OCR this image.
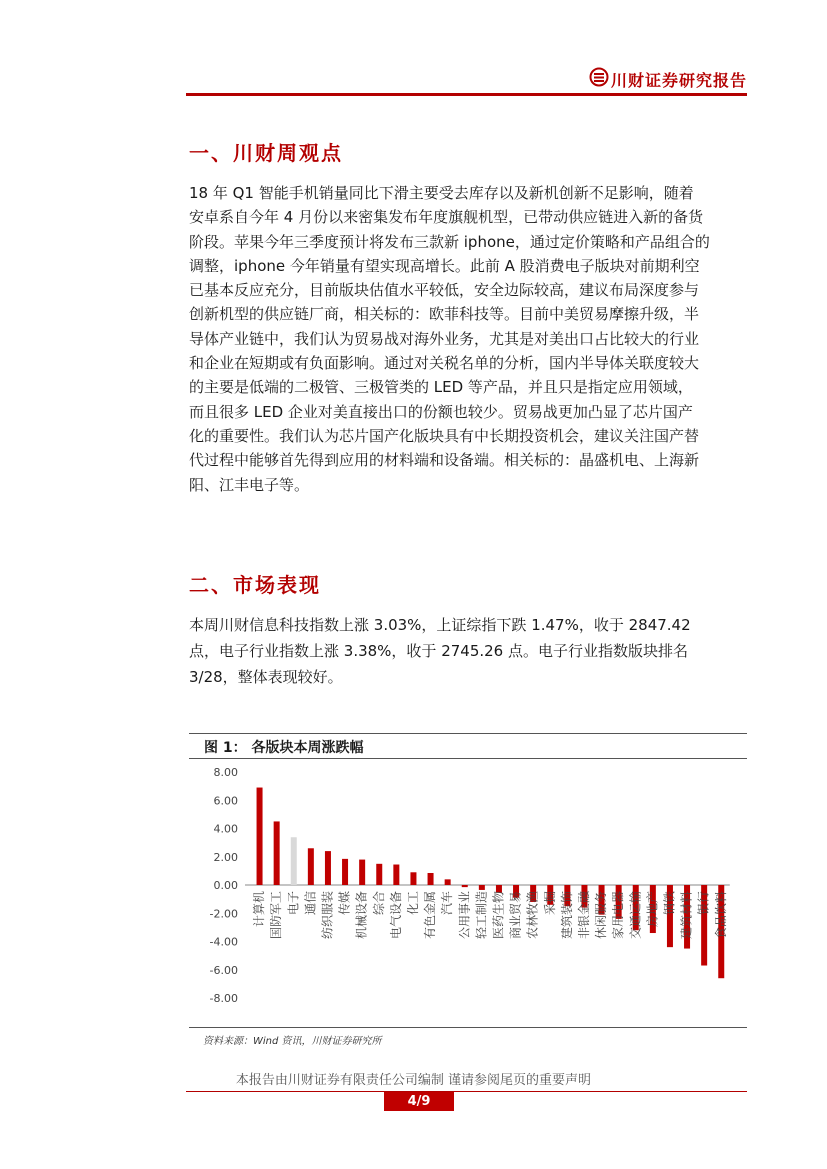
川财证券研究报告
一、川财周观点
18 年 Q1 智能手机销量同比下滑主要受去库存以及新机创新不足影响，随着
安卓系自今年 4 月份以来密集发布年度旗舰机型，已带动供应链进入新的备货
阶段。苹果今年三季度预计将发布三款新 iphone，通过定价策略和产品组合的
调整，iphone 今年销量有望实现高增长。此前 A 股消费电子版块对前期利空
已基本反应充分，目前版块估值水平较低，安全边际较高，建议布局深度参与
创新机型的供应链厂商，相关标的：欧菲科技等。目前中美贸易摩擦升级，半
导体产业链中，我们认为贸易战对海外业务，尤其是对美出口占比较大的行业
和企业在短期或有负面影响。通过对关税名单的分析，国内半导体关联度较大
的主要是低端的二极管、三极管类的 LED 等产品，并且只是指定应用领域，
而且很多 LED 企业对美直接出口的份额也较少。贸易战更加凸显了芯片国产
化的重要性。我们认为芯片国产化版块具有中长期投资机会，建议关注国产替
代过程中能够首先得到应用的材料端和设备端。相关标的：晶盛机电、上海新
阳、江丰电子等。
二、市场表现
本周川财信息科技指数上涨 3.03%，上证综指下跌 1.47%，收于 2847.42
点，电子行业指数上涨 3.38%，收于 2745.26 点。电子行业指数版块排名
3/28，整体表现较好。
图 1： 各版块本周涨跌幅
8.00
6.00
4.00
2.00
0.00
-2.00
-4.00
-6.00
-8.00
计算机 国防军工 电子 通信 纺织服装 传媒 机械设备 综合 电气设备 化工 有色金属 汽车 公用事业 轻工制造 医药生物 商业贸易 农林牧渔 采掘 建筑装饰 非银金融 休闲服务 家用电器 交通运输 房地产 钢铁 建筑材料 银行 食品饮料
资料来源：Wind 资讯，川财证券研究所
本报告由川财证券有限责任公司编制 谨请参阅尾页的重要声明
4/9
